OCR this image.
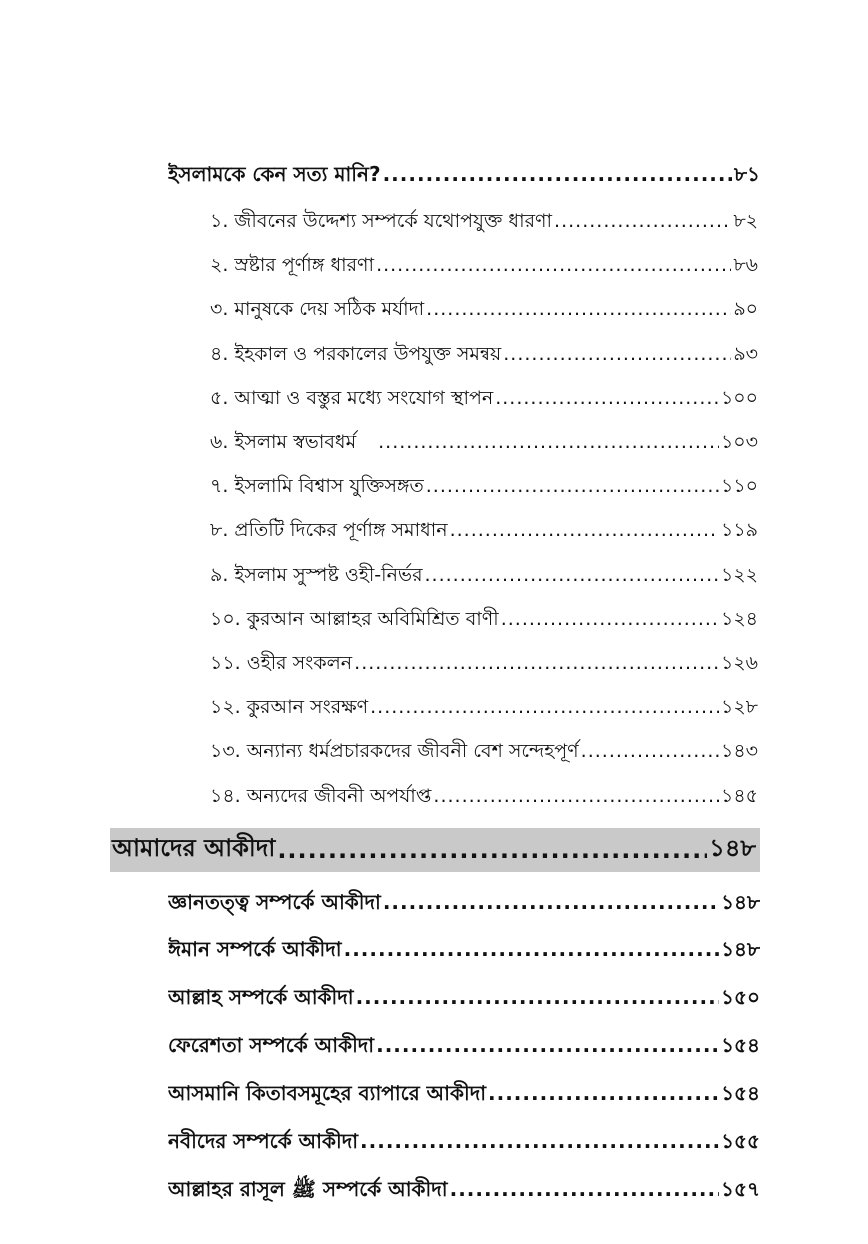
ইসলামকে কেন সত্য মানি? .....	৮১
১. জীবনের উদ্দেশ্য সম্পর্কে যথোপযুক্ত ধারণা .....	৮২
২. স্রষ্টার পূর্ণাঙ্গ ধারণা .....	৮৬
৩. মানুষকে দেয় সঠিক মর্যাদা .....	৯০
৪. ইহকাল ও পরকালের উপযুক্ত সমন্বয় .....	৯৩
৫. আত্মা ও বস্তুর মধ্যে সংযোগ স্থাপন .....	১০০
৬. ইসলাম স্বভাবধর্ম .....	১০৩
৭. ইসলামি বিশ্বাস যুক্তিসঙ্গত .....	১১০
৮. প্রতিটি দিকের পূর্ণাঙ্গ সমাধান .....	১১৯
৯. ইসলাম সুস্পষ্ট ওহী-নির্ভর .....	১২২
১০. কুরআন আল্লাহর অবিমিশ্রিত বাণী .....	১২৪
১১. ওহীর সংকলন .....	১২৬
১২. কুরআন সংরক্ষণ .....	১২৮
১৩. অন্যান্য ধর্মপ্রচারকদের জীবনী বেশ সন্দেহপূর্ণ .....	১৪৩
১৪. অন্যদের জীবনী অপর্যাপ্ত .....	১৪৫
আমাদের আকীদা .....	১৪৮
জ্ঞানতত্ত্ব সম্পর্কে আকীদা .....	১৪৮
ঈমান সম্পর্কে আকীদা .....	১৪৮
আল্লাহ সম্পর্কে আকীদা .....	১৫০
ফেরেশতা সম্পর্কে আকীদা .....	১৫৪
আসমানি কিতাবসমূহের ব্যাপারে আকীদা .....	১৫৪
নবীদের সম্পর্কে আকীদা .....	১৫৫
আল্লাহর রাসূল ﷺ সম্পর্কে আকীদা .....	১৫৭
